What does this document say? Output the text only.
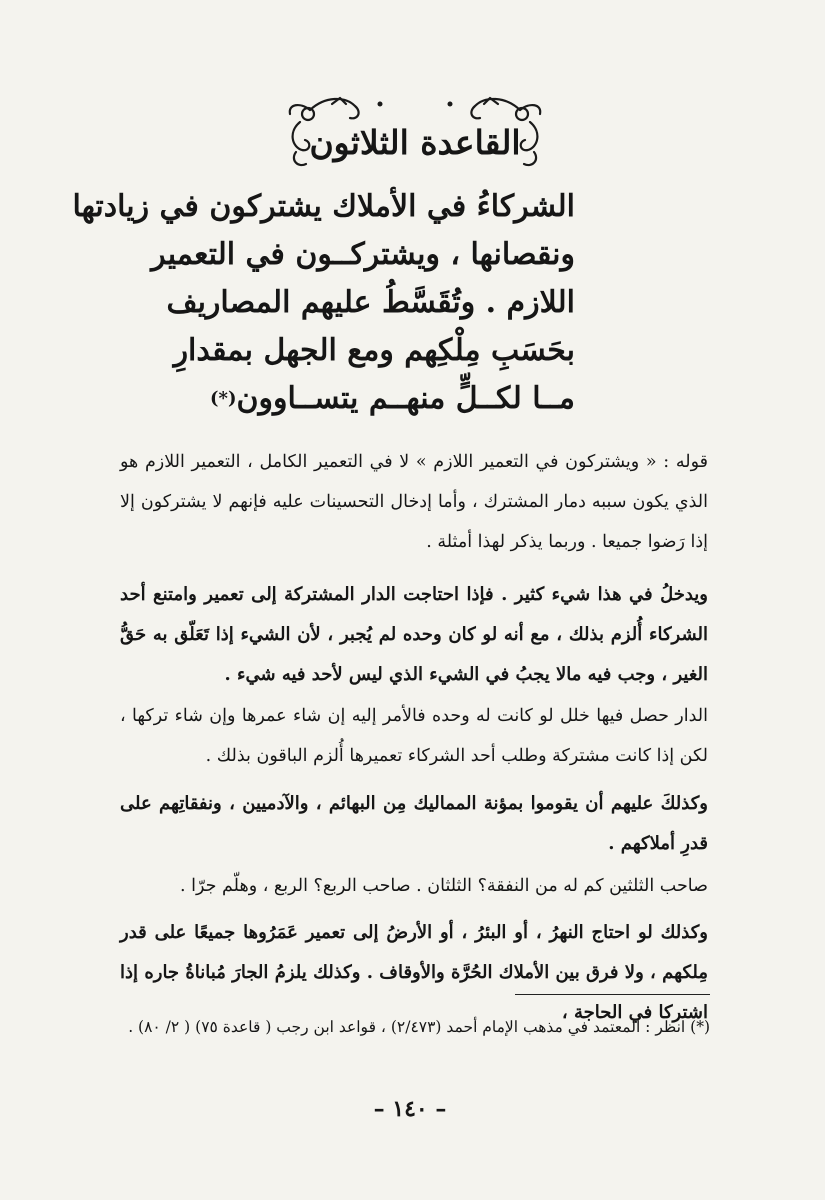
القاعدة الثلاثون
الشركاءُ في الأملاك يشتركون في زيادتها
ونقصانها ، ويشتركــون في التعمير
اللازم . وتُقَسَّطُ عليهم المصاريف
بحَسَبِ مِلْكِهم ومع الجهل بمقدارِ
مــا لكــلٍّ منهــم يتســاوون(*)

قوله : « ويشتركون في التعمير اللازم » لا في التعمير الكامل ، التعمير اللازم هو الذي يكون سببه دمار المشترك ، وأما إدخال التحسينات عليه فإنهم لا يشتركون إلا إذا رَضوا جميعا . وربما يذكر لهذا أمثلة .

ويدخلُ في هذا شيء كثير . فإذا احتاجت الدار المشتركة إلى تعمير وامتنع أحد الشركاء أُلزم بذلك ، مع أنه لو كان وحده لم يُجبر ، لأن الشيء إذا تَعَلّق به حَقُّ الغير ، وجب فيه مالا يجبُ في الشيء الذي ليس لأحد فيه شيء .

الدار حصل فيها خلل لو كانت له وحده فالأمر إليه إن شاء عمرها وإن شاء تركها ، لكن إذا كانت مشتركة وطلب أحد الشركاء تعميرها أُلزم الباقون بذلك .

وكذلكَ عليهم أن يقوموا بمؤنة المماليك مِن البهائم ، والآدميين ، ونفقاتِهم على قدرِ أملاكهم .

صاحب الثلثين كم له من النفقة؟ الثلثان . صاحب الربع؟ الربع ، وهلّم جرّا .

وكذلك لو احتاج النهرُ ، أو البئرُ ، أو الأرضُ إلى تعمير عَمَرُوها جميعًا على قدر مِلكهم ، ولا فرق بين الأملاك الحُرَّة والأوقاف . وكذلك يلزمُ الجارَ مُباناةُ جاره إذا اشتركا في الحاجة ،

(*) انظر : المعتمد في مذهب الإمام أحمد (٢/٤٧٣) ، قواعد ابن رجب ( قاعدة ٧٥) ( ٢/ ٨٠) .
– ١٤٠ –
